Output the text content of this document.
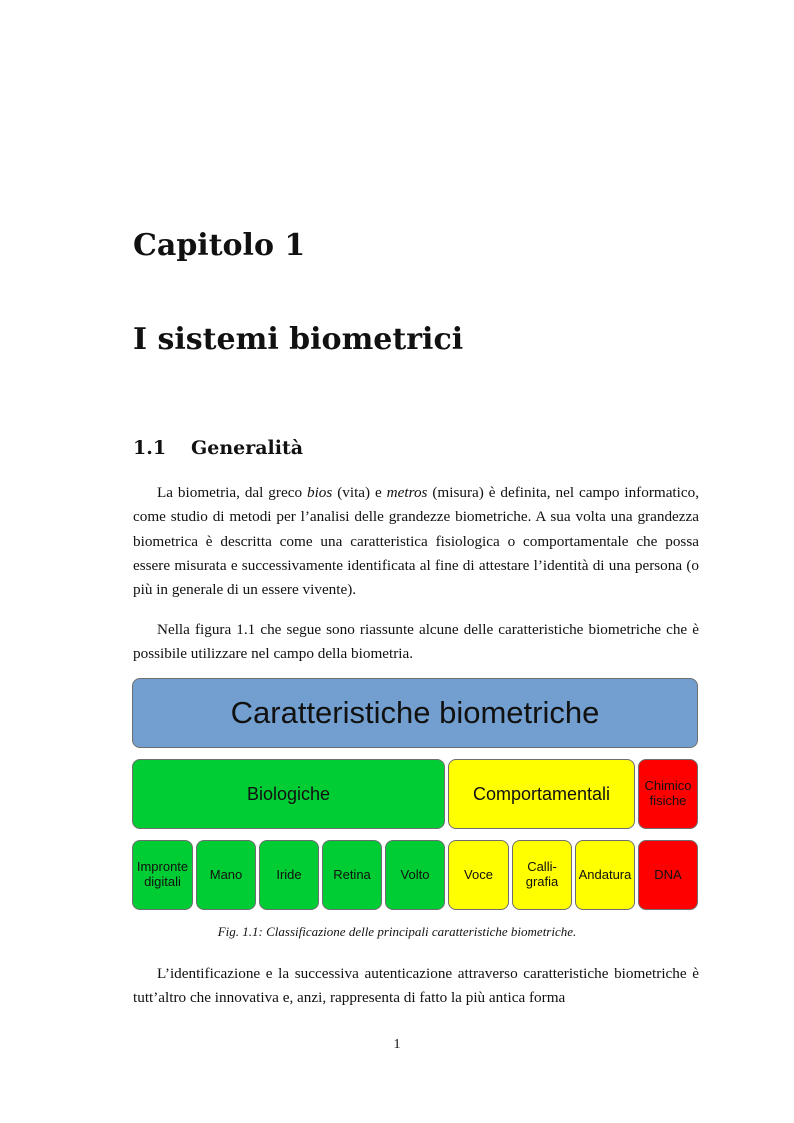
Capitolo 1
I sistemi biometrici
1.1 Generalità

La biometria, dal greco bios (vita) e metros (misura) è definita, nel campo informatico, come studio di metodi per l’analisi delle grandezze biometriche. A sua volta una grandezza biometrica è descritta come una caratteristica fisiologica o comportamentale che possa essere misurata e successivamente identificata al fine di attestare l’identità di una persona (o più in generale di un essere vivente).

Nella figura 1.1 che segue sono riassunte alcune delle caratteristiche biometriche che è possibile utilizzare nel campo della biometria.

Caratteristiche biometriche
Biologiche	Comportamentali	Chimico fisiche
Impronte digitali	Mano	Iride	Retina	Volto	Voce	Calli-grafia	Andatura	DNA

Fig. 1.1: Classificazione delle principali caratteristiche biometriche.

L’identificazione e la successiva autenticazione attraverso caratteristiche biometriche è tutt’altro che innovativa e, anzi, rappresenta di fatto la più antica forma

1
